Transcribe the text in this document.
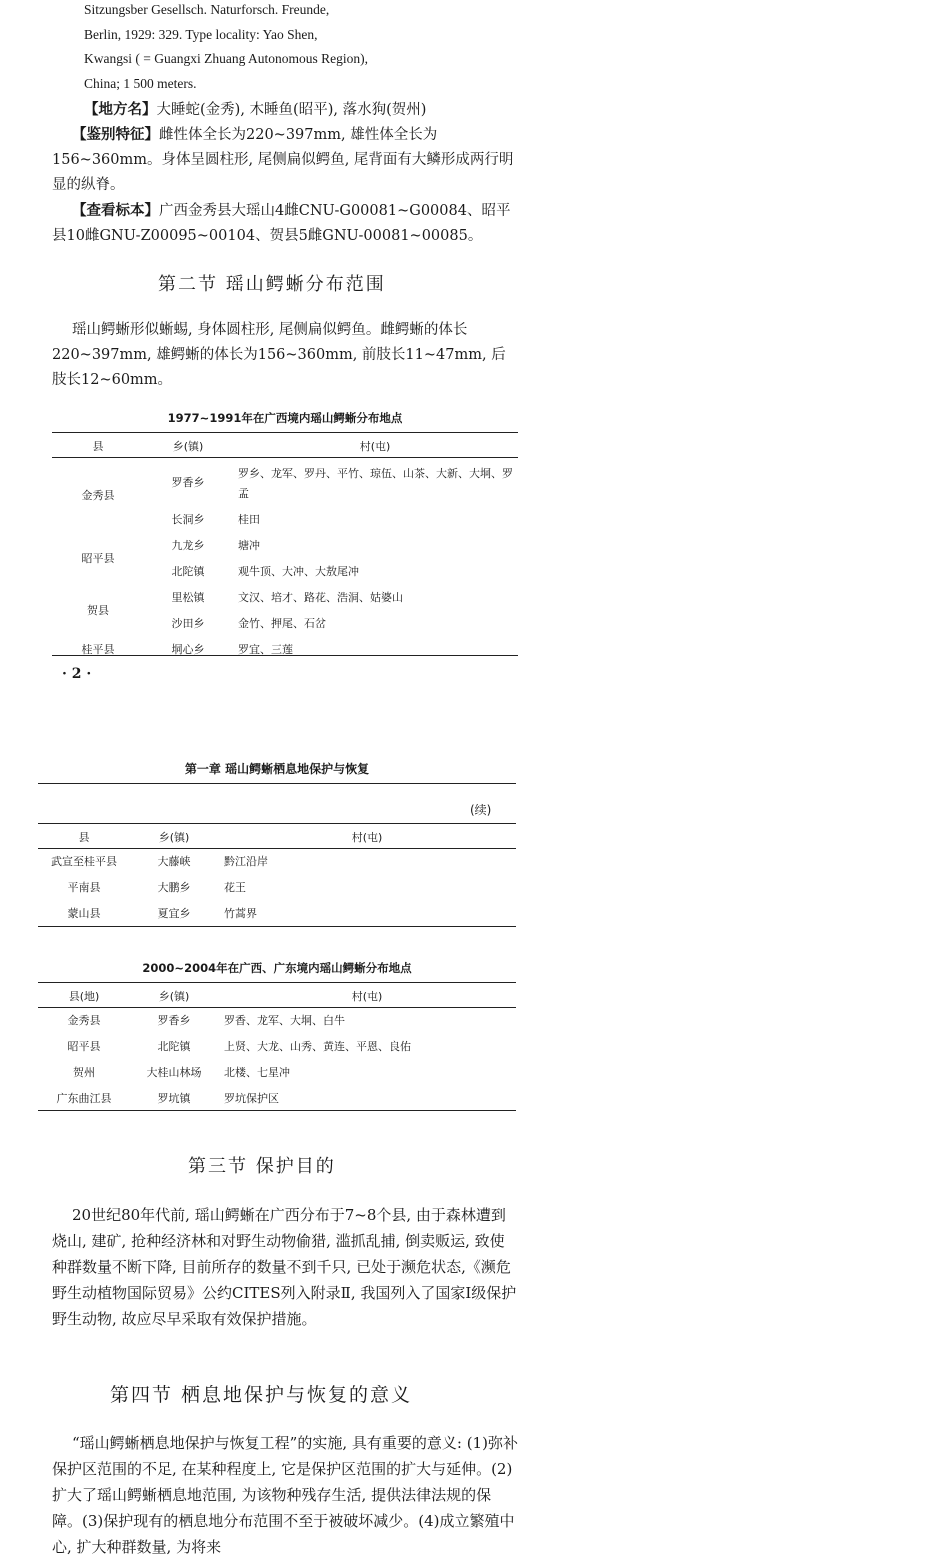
Sitzungsber Gesellsch. Naturforsch. Freunde,
Berlin, 1929: 329. Type locality: Yao Shen,
Kwangsi ( = Guangxi Zhuang Autonomous Region),
China; 1 500 meters.
【地方名】大睡蛇(金秀), 木睡鱼(昭平), 落水狗(贺州)
【鉴别特征】雌性体全长为220~397mm, 雄性体全长为156~360mm。身体呈圆柱形, 尾侧扁似鳄鱼, 尾背面有大鳞形成两行明显的纵脊。
【查看标本】广西金秀县大瑶山4雌CNU-G00081~G00084、昭平县10雌GNU-Z00095~00104、贺县5雌GNU-00081~00085。
第二节 瑶山鳄蜥分布范围
瑶山鳄蜥形似蜥蜴, 身体圆柱形, 尾侧扁似鳄鱼。雌鳄蜥的体长220~397mm, 雄鳄蜥的体长为156~360mm, 前肢长11~47mm, 后肢长12~60mm。
1977~1991年在广西境内瑶山鳄蜥分布地点
县	乡(镇)	村(屯)
金秀县	罗香乡	罗乡、龙军、罗丹、平竹、琼伍、山茶、大新、大垌、罗孟
	长洞乡	桂田
昭平县	九龙乡	塘冲
	北陀镇	观牛顶、大冲、大敖尾冲
贺县	里松镇	文汉、培才、路花、浩洞、姑婆山
	沙田乡	金竹、押尾、石岔
桂平县	垌心乡	罗宜、三莲
· 2 ·
第一章 瑶山鳄蜥栖息地保护与恢复
(续)
县	乡(镇)	村(屯)
武宣至桂平县	大藤峡	黔江沿岸
平南县	大鹏乡	花王
蒙山县	夏宜乡	竹蒿界
2000~2004年在广西、广东境内瑶山鳄蜥分布地点
县(地)	乡(镇)	村(屯)
金秀县	罗香乡	罗香、龙军、大垌、白牛
昭平县	北陀镇	上贤、大龙、山秀、黄连、平恩、良佑
贺州	大桂山林场	北楼、七星冲
广东曲江县	罗坑镇	罗坑保护区
第三节 保护目的
20世纪80年代前, 瑶山鳄蜥在广西分布于7~8个县, 由于森林遭到烧山, 建矿, 抢种经济林和对野生动物偷猎, 滥抓乱捕, 倒卖贩运, 致使种群数量不断下降, 目前所存的数量不到千只, 已处于濒危状态,《濒危野生动植物国际贸易》公约CITES列入附录Ⅱ, 我国列入了国家Ⅰ级保护野生动物, 故应尽早采取有效保护措施。
第四节 栖息地保护与恢复的意义
“瑶山鳄蜥栖息地保护与恢复工程”的实施, 具有重要的意义: (1)弥补保护区范围的不足, 在某种程度上, 它是保护区范围的扩大与延伸。(2)扩大了瑶山鳄蜥栖息地范围, 为该物种残存生活, 提供法律法规的保障。(3)保护现有的栖息地分布范围不至于被破坏减少。(4)成立繁殖中心, 扩大种群数量, 为将来
